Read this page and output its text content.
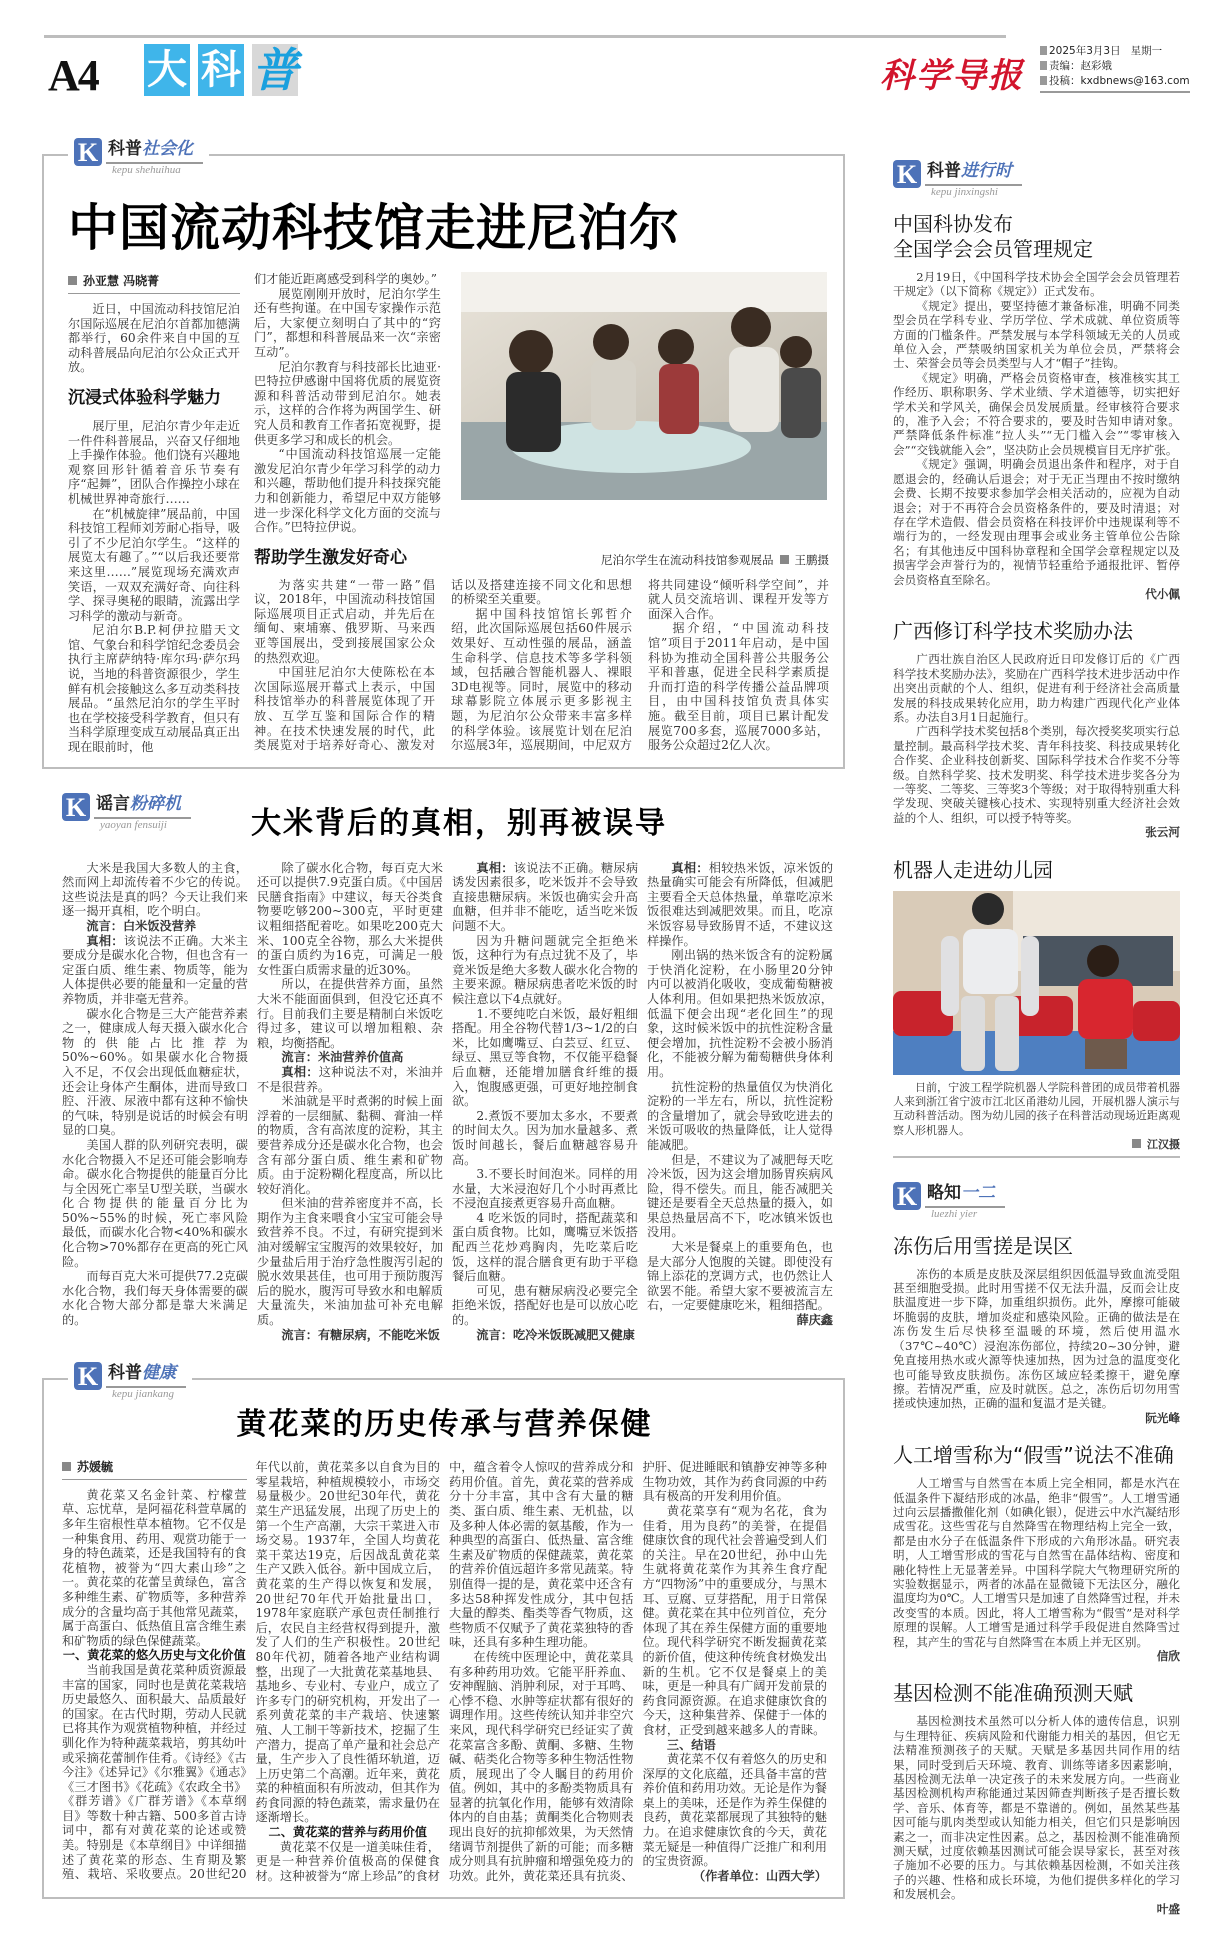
A4 大 科 普	科学导报
2025年3月3日 星期一
责编：赵彩娥
投稿：kxdbnews@163.com
K 科普社会化
kepu shehuihua
中国流动科技馆走进尼泊尔
孙亚慧 冯晓菁

近日，中国流动科技馆尼泊尔国际巡展在尼泊尔首都加德满都举行，60余件来自中国的互动科普展品向尼泊尔公众正式开放。

沉浸式体验科学魅力

展厅里，尼泊尔青少年走近一件件科普展品，兴奋又仔细地上手操作体验。他们饶有兴趣地观察回形针循着音乐节奏有序“起舞”，团队合作操控小球在机械世界神奇旅行……

在“机械旋律”展品前，中国科技馆工程师刘芳耐心指导，吸引了不少尼泊尔学生。“这样的展览太有趣了。”“以后我还要常来这里……”展览现场充满欢声笑语，一双双充满好奇、向往科学、探寻奥秘的眼睛，流露出学习科学的激动与新奇。

尼泊尔B.P.柯伊拉腊天文馆、气象台和科学馆纪念委员会执行主席萨纳特·库尔玛·萨尔玛说，当地的科普资源很少，学生鲜有机会接触这么多互动类科技展品。“虽然尼泊尔的学生平时也在学校接受科学教育，但只有当科学原理变成互动展品真正出现在眼前时，他

们才能近距离感受到科学的奥妙。”

展览刚刚开放时，尼泊尔学生还有些拘谨。在中国专家操作示范后，大家便立刻明白了其中的“窍门”，都想和科普展品来一次“亲密互动”。

尼泊尔教育与科技部长比迪亚·巴特拉伊感谢中国将优质的展览资源和科普活动带到尼泊尔。她表示，这样的合作将为两国学生、研究人员和教育工作者拓宽视野，提供更多学习和成长的机会。

“中国流动科技馆巡展一定能激发尼泊尔青少年学习科学的动力和兴趣，帮助他们提升科技探究能力和创新能力，希望尼中双方能够进一步深化科学文化方面的交流与合作。”巴特拉伊说。

帮助学生激发好奇心	尼泊尔学生在流动科技馆参观展品 王鹏摄

为落实共建“一带一路”倡议，2018年，中国流动科技馆国际巡展项目正式启动，并先后在缅甸、柬埔寨、俄罗斯、马来西亚等国展出，受到接展国家公众的热烈欢迎。

中国驻尼泊尔大使陈松在本次国际巡展开幕式上表示，中国科技馆举办的科普展览体现了开放、互学互鉴和国际合作的精神。在技术快速发展的时代，此类展览对于培养好奇心、激发对话以及搭建连接不同文化和思想的桥梁至关重要。

据中国科技馆馆长郭哲介绍，此次国际巡展包括60件展示效果好、互动性强的展品，涵盖生命科学、信息技术等多学科领域，包括融合智能机器人、裸眼3D电视等。同时，展览中的移动球幕影院立体展示更多影视主题，为尼泊尔公众带来丰富多样的科学体验。该展览计划在尼泊尔巡展3年，巡展期间，中尼双方将共同建设“倾听科学空间”，并就人员交流培训、课程开发等方面深入合作。

据介绍，“中国流动科技馆”项目于2011年启动，是中国科协为推动全国科普公共服务公平和普惠，促进全民科学素质提升而打造的科学传播公益品牌项目，由中国科技馆负责具体实施。截至目前，项目已累计配发展览700多套，巡展7000多站，服务公众超过2亿人次。

K 谣言粉碎机
yaoyan fensuiji	大米背后的真相，别再被误导

大米是我国大多数人的主食，然而网上却流传着不少它的传说。这些说法是真的吗？今天让我们来逐一揭开真相，吃个明白。

流言：白米饭没营养

真相：该说法不正确。大米主要成分是碳水化合物，但也含有一定蛋白质、维生素、物质等，能为人体提供必要的能量和一定量的营养物质，并非毫无营养。

碳水化合物是三大产能营养素之一，健康成人每天摄入碳水化合物的供能占比推荐为50%~60%。如果碳水化合物摄入不足，不仅会出现低血糖症状，还会让身体产生酮体，进而导致口腔、汗液、尿液中都有这种不愉快的气味，特别是说话的时候会有明显的口臭。

美国人群的队列研究表明，碳水化合物摄入不足还可能会影响寿命。碳水化合物提供的能量百分比与全因死亡率呈U型关联，当碳水化合物提供的能量百分比为50%~55%的时候，死亡率风险最低，而碳水化合物<40%和碳水化合物>70%都存在更高的死亡风险。

而每百克大米可提供77.2克碳水化合物，我们每天身体需要的碳水化合物大部分都是靠大米满足的。

除了碳水化合物，每百克大米还可以提供7.9克蛋白质。《中国居民膳食指南》中建议，每天谷类食物要吃够200~300克，平时更建议粗细搭配着吃。如果吃200克大米、100克全谷物，那么大米提供的蛋白质约为16克，可满足一般女性蛋白质需求量的近30%。

所以，在提供营养方面，虽然大米不能面面俱到，但没它还真不行。目前我们主要是精制白米饭吃得过多，建议可以增加粗粮、杂粮，均衡搭配。

流言：米油营养价值高

真相：这种说法不对，米油并不是很营养。

米油就是平时煮粥的时候上面浮着的一层细腻、黏稠、膏油一样的物质，含有高浓度的淀粉，其主要营养成分还是碳水化合物，也会含有部分蛋白质、维生素和矿物质。由于淀粉糊化程度高，所以比较好消化。

但米油的营养密度并不高，长期作为主食来喂食小宝宝可能会导致营养不良。不过，有研究提到米油对缓解宝宝腹泻的效果较好，加少量盐后用于治疗急性腹泻引起的脱水效果甚佳，也可用于预防腹泻后的脱水，腹泻可导致水和电解质大量流失，米油加盐可补充电解质。

流言：有糖尿病，不能吃米饭

真相：该说法不正确。糖尿病诱发因素很多，吃米饭并不会导致直接患糖尿病。米饭也确实会升高血糖，但并非不能吃，适当吃米饭问题不大。

因为升糖问题就完全拒绝米饭，这种行为有点过犹不及了，毕竟米饭是绝大多数人碳水化合物的主要来源。糖尿病患者吃米饭的时候注意以下4点就好。

1.不要纯吃白米饭，最好粗细搭配。用全谷物代替1/3~1/2的白米，比如鹰嘴豆、白芸豆、红豆、绿豆、黑豆等食物，不仅能平稳餐后血糖，还能增加膳食纤维的摄入，饱腹感更强，可更好地控制食欲。

2.煮饭不要加太多水，不要煮的时间太久。因为加水量越多、煮饭时间越长，餐后血糖越容易升高。

3.不要长时间泡米。同样的用水量，大米浸泡好几个小时再煮比不浸泡直接煮更容易升高血糖。

4 吃米饭的同时，搭配蔬菜和蛋白质食物。比如，鹰嘴豆米饭搭配西兰花炒鸡胸肉，先吃菜后吃饭，这样的混合膳食更有助于平稳餐后血糖。

可见，患有糖尿病没必要完全拒绝米饭，搭配好也是可以放心吃的。

流言：吃冷米饭既减肥又健康

真相：相较热米饭，凉米饭的热量确实可能会有所降低，但减肥主要看全天总体热量，单靠吃凉米饭很难达到减肥效果。而且，吃凉米饭容易导致肠胃不适，不建议这样操作。

刚出锅的热米饭含有的淀粉属于快消化淀粉，在小肠里20分钟内可以被消化吸收，变成葡萄糖被人体利用。但如果把热米饭放凉，低温下便会出现“老化回生”的现象，这时候米饭中的抗性淀粉含量便会增加，抗性淀粉不会被小肠消化，不能被分解为葡萄糖供身体利用。

抗性淀粉的热量值仅为快消化淀粉的一半左右，所以，抗性淀粉的含量增加了，就会导致吃进去的米饭可吸收的热量降低，让人觉得能减肥。

但是，不建议为了减肥每天吃冷米饭，因为这会增加肠胃疾病风险，得不偿失。而且，能否减肥关键还是要看全天总热量的摄入，如果总热量居高不下，吃冰镇米饭也没用。

大米是餐桌上的重要角色，也是大部分人饱腹的关键。即使没有锦上添花的烹调方式，也仍然让人欲罢不能。希望大家不要被流言左右，一定要健康吃米，粗细搭配。

薛庆鑫

K 科普健康
kepu jiankang
黄花菜的历史传承与营养保健
苏媛毓

黄花菜又名金针菜、柠檬萱草、忘忧草，是阿福花科萱草属的多年生宿根性草本植物。它不仅是一种集食用、药用、观赏功能于一身的特色蔬菜，还是我国特有的食花植物，被誉为“四大素山珍”之一。黄花菜的花蕾呈黄绿色，富含多种维生素、矿物质等，多种营养成分的含量均高于其他常见蔬菜，属于高蛋白、低热值且富含维生素和矿物质的绿色保健蔬菜。

一、黄花菜的悠久历史与文化价值

当前我国是黄花菜种质资源最丰富的国家，同时也是黄花菜栽培历史最悠久、面积最大、品质最好的国家。在古代时期，劳动人民就已将其作为观赏植物种植，并经过驯化作为特种蔬菜栽培，剪其幼叶或采摘花蕾制作佳肴。《诗经》《古今注》《述异记》《尔雅翼》《通志》《三才图书》《花疏》《农政全书》《群芳谱》《广群芳谱》《本草纲目》等数十种古籍、500多首古诗词中，都有对黄花菜的论述或赞美。特别是《本草纲目》中详细描述了黄花菜的形态、生育期及繁殖、栽培、采收要点。20世纪20年代以前，黄花菜多以自食为目的零星栽培，种植规模较小，市场交易量极少。20世纪30年代，黄花菜生产迅猛发展，出现了历史上的第一个生产高潮，大宗干菜进入市场交易。1937年，全国人均黄花菜干菜达19克，后因战乱黄花菜生产又跌入低谷。新中国成立后，黄花菜的生产得以恢复和发展，20世纪70年代开始批量出口，1978年家庭联产承包责任制推行后，农民自主经营权得到提升，激发了人们的生产积极性。20世纪80年代初，随着各地产业结构调整，出现了一大批黄花菜基地县、基地乡、专业村、专业户，成立了许多专门的研究机构，开发出了一系列黄花菜的丰产栽培、快速繁殖、人工制干等新技术，挖掘了生产潜力，提高了单产量和社会总产量，生产步入了良性循环轨道，迈上历史第二个高潮。近年来，黄花菜的种植面积有所波动，但其作为药食同源的特色蔬菜，需求量仍在逐渐增长。

二、黄花菜的营养与药用价值

黄花菜不仅是一道美味佳肴，更是一种营养价值极高的保健食材。这种被誉为“席上珍品”的食材中，蕴含着令人惊叹的营养成分和药用价值。首先，黄花菜的营养成分十分丰富，其中含有大量的糖类、蛋白质、维生素、无机盐，以及多种人体必需的氨基酸，作为一种典型的高蛋白、低热量、富含维生素及矿物质的保健蔬菜，黄花菜的营养价值远超许多常见蔬菜。特别值得一提的是，黄花菜中还含有多达58种挥发性成分，其中包括大量的醇类、酯类等香气物质，这些物质不仅赋予了黄花菜独特的香味，还具有多种生理功能。

在传统中医理论中，黄花菜具有多种药用功效。它能平肝养血、安神醒脑、消肿利尿，对于耳鸣、心悸不稳、水肿等症状都有很好的调理作用。这些传统认知并非空穴来风，现代科学研究已经证实了黄花菜富含多酚、黄酮、多糖、生物碱、萜类化合物等多种生物活性物质，展现出了令人瞩目的药用价值。例如，其中的多酚类物质具有显著的抗氧化作用，能够有效清除体内的自由基；黄酮类化合物则表现出良好的抗抑郁效果，为天然情绪调节剂提供了新的可能；而多糖成分则具有抗肿瘤和增强免疫力的功效。此外，黄花菜还具有抗炎、护肝、促进睡眠和镇静安神等多种生物功效，其作为药食同源的中药具有极高的开发利用价值。

黄花菜享有“观为名花，食为佳肴，用为良药”的美誉，在提倡健康饮食的现代社会普遍受到人们的关注。早在20世纪，孙中山先生就将黄花菜作为其养生食疗配方“四物汤”中的重要成分，与黑木耳、豆腐、豆芽搭配，用于日常保健。黄花菜在其中位列首位，充分体现了其在养生保健方面的重要地位。现代科学研究不断发掘黄花菜的新价值，使这种传统食材焕发出新的生机。它不仅是餐桌上的美味，更是一种具有广阔开发前景的药食同源资源。在追求健康饮食的今天，这种集营养、保健于一体的食材，正受到越来越多人的青睐。

三、结语

黄花菜不仅有着悠久的历史和深厚的文化底蕴，还具备丰富的营养价值和药用功效。无论是作为餐桌上的美味，还是作为养生保健的良药，黄花菜都展现了其独特的魅力。在追求健康饮食的今天，黄花菜无疑是一种值得广泛推广和利用的宝贵资源。

（作者单位：山西大学）

K 科普进行时
kepu jinxingshi
中国科协发布
全国学会会员管理规定

2月19日，《中国科学技术协会全国学会会员管理若干规定》（以下简称《规定》）正式发布。

《规定》提出，要坚持德才兼备标准，明确不同类型会员在学科专业、学历学位、学术成就、单位资质等方面的门槛条件。严禁发展与本学科领域无关的人员或单位入会，严禁吸纳国家机关为单位会员，严禁将会士、荣誉会员等会员类型与人才“帽子”挂钩。

《规定》明确，严格会员资格审查，核准核实其工作经历、职称职务、学术业绩、学术道德等，切实把好学术关和学风关，确保会员发展质量。经审核符合要求的，准予入会；不符合要求的，要及时告知申请对象。严禁降低条件标准“拉人头”“无门槛入会”“零审核入会”“交钱就能入会”，坚决防止会员规模盲目无序扩张。

《规定》强调，明确会员退出条件和程序，对于自愿退会的，经确认后退会；对于无正当理由不按时缴纳会费、长期不按要求参加学会相关活动的，应视为自动退会；对于不再符合会员资格条件的，要及时清退；对存在学术造假、借会员资格在科技评价中违规谋利等不端行为的，一经发现由理事会或业务主管单位公告除名；有其他违反中国科协章程和全国学会章程规定以及损害学会声誉行为的，视情节轻重给予通报批评、暂停会员资格直至除名。

代小佩

广西修订科学技术奖励办法

广西壮族自治区人民政府近日印发修订后的《广西科学技术奖励办法》，奖励在广西科学技术进步活动中作出突出贡献的个人、组织，促进有利于经济社会高质量发展的科技成果转化应用，助力构建广西现代化产业体系。办法自3月1日起施行。

广西科学技术奖包括8个类别，每次授奖奖项实行总量控制。最高科学技术奖、青年科技奖、科技成果转化合作奖、企业科技创新奖、国际科学技术合作奖不分等级。自然科学奖、技术发明奖、科学技术进步奖各分为一等奖、二等奖、三等奖3个等级；对于取得特别重大科学发现、突破关键核心技术、实现特别重大经济社会效益的个人、组织，可以授予特等奖。

张云河

机器人走进幼儿园

日前，宁波工程学院机器人学院科普团的成员带着机器人来到浙江省宁波市江北区甬港幼儿园，开展机器人演示与互动科普活动。图为幼儿园的孩子在科普活动现场近距离观察人形机器人。

江汉摄

K 略知一二
luezhi yier
冻伤后用雪搓是误区

冻伤的本质是皮肤及深层组织因低温导致血流受阻甚至细胞受损。此时用雪搓不仅无法升温，反而会让皮肤温度进一步下降，加重组织损伤。此外，摩擦可能破坏脆弱的皮肤，增加炎症和感染风险。正确的做法是在冻伤发生后尽快移至温暖的环境，然后使用温水（37℃~40℃）浸泡冻伤部位，持续20~30分钟，避免直接用热水或火源等快速加热，因为过急的温度变化也可能导致皮肤损伤。冻伤区域应轻柔擦干，避免摩擦。若情况严重，应及时就医。总之，冻伤后切勿用雪搓或快速加热，正确的温和复温才是关键。

阮光峰

人工增雪称为“假雪”说法不准确

人工增雪与自然雪在本质上完全相同，都是水汽在低温条件下凝结形成的冰晶，绝非“假雪”。人工增雪通过向云层播撒催化剂（如碘化银），促进云中水汽凝结形成雪花。这些雪花与自然降雪在物理结构上完全一致，都是由水分子在低温条件下形成的六角形冰晶。研究表明，人工增雪形成的雪花与自然雪在晶体结构、密度和融化特性上无显著差异。中国科学院大气物理研究所的实验数据显示，两者的冰晶在显微镜下无法区分，融化温度均为0℃。人工增雪只是加速了自然降雪过程，并未改变雪的本质。因此，将人工增雪称为“假雪”是对科学原理的误解。人工增雪是通过科学手段促进自然降雪过程，其产生的雪花与自然降雪在本质上并无区别。

信欣

基因检测不能准确预测天赋

基因检测技术虽然可以分析人体的遗传信息，识别与生理特征、疾病风险和代谢能力相关的基因，但它无法精准预测孩子的天赋。天赋是多基因共同作用的结果，同时受到后天环境、教育、训练等诸多因素影响，基因检测无法单一决定孩子的未来发展方向。一些商业基因检测机构声称能通过某因筛查判断孩子是否擅长数学、音乐、体育等，都是不靠谱的。例如，虽然某些基因可能与肌肉类型或认知能力相关，但它们只是影响因素之一，而非决定性因素。总之，基因检测不能准确预测天赋，过度依赖基因测试可能会误导家长，甚至对孩子施加不必要的压力。与其依赖基因检测，不如关注孩子的兴趣、性格和成长环境，为他们提供多样化的学习和发展机会。

叶盛
